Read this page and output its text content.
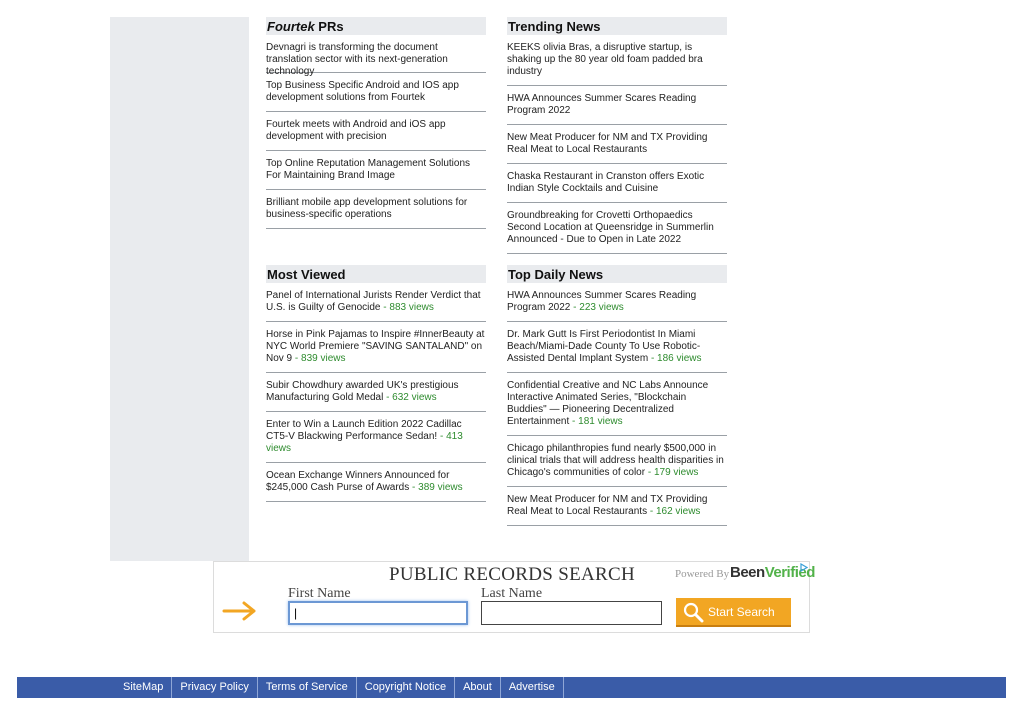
Fourtek PRs
Devnagri is transforming the document translation sector with its next-generation technology
Top Business Specific Android and IOS app development solutions from Fourtek
Fourtek meets with Android and iOS app development with precision
Top Online Reputation Management Solutions For Maintaining Brand Image
Brilliant mobile app development solutions for business-specific operations
Trending News
KEEKS olivia Bras, a disruptive startup, is shaking up the 80 year old foam padded bra industry
HWA Announces Summer Scares Reading Program 2022
New Meat Producer for NM and TX Providing Real Meat to Local Restaurants
Chaska Restaurant in Cranston offers Exotic Indian Style Cocktails and Cuisine
Groundbreaking for Crovetti Orthopaedics Second Location at Queensridge in Summerlin Announced - Due to Open in Late 2022
Most Viewed
Panel of International Jurists Render Verdict that U.S. is Guilty of Genocide - 883 views
Horse in Pink Pajamas to Inspire #InnerBeauty at NYC World Premiere "SAVING SANTALAND" on Nov 9 - 839 views
Subir Chowdhury awarded UK's prestigious Manufacturing Gold Medal - 632 views
Enter to Win a Launch Edition 2022 Cadillac CT5-V Blackwing Performance Sedan! - 413 views
Ocean Exchange Winners Announced for $245,000 Cash Purse of Awards - 389 views
Top Daily News
HWA Announces Summer Scares Reading Program 2022 - 223 views
Dr. Mark Gutt Is First Periodontist In Miami Beach/Miami-Dade County To Use Robotic-Assisted Dental Implant System - 186 views
Confidential Creative and NC Labs Announce Interactive Animated Series, "Blockchain Buddies" — Pioneering Decentralized Entertainment - 181 views
Chicago philanthropies fund nearly $500,000 in clinical trials that will address health disparities in Chicago's communities of color - 179 views
New Meat Producer for NM and TX Providing Real Meat to Local Restaurants - 162 views
PUBLIC RECORDS SEARCH	Powered By BeenVerified
First Name	Last Name
|
Start Search
SiteMap	Privacy Policy	Terms of Service	Copyright Notice	About	Advertise
